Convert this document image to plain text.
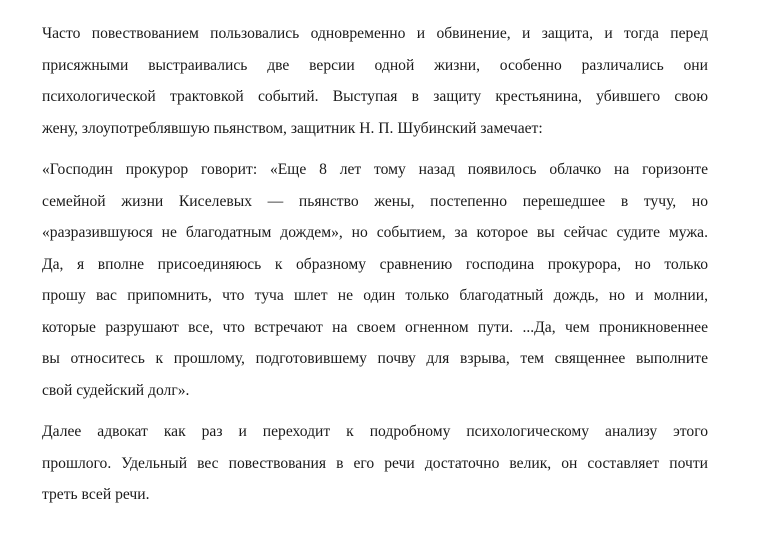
Часто повествованием пользовались одновременно и обвинение, и защита, и тогда перед
присяжными выстраивались две версии одной жизни, особенно различались они
психологической трактовкой событий. Выступая в защиту крестьянина, убившего свою
жену, злоупотреблявшую пьянством, защитник Н. П. Шубинский замечает:

«Господин прокурор говорит: «Еще 8 лет тому назад появилось облачко на горизонте
семейной жизни Киселевых — пьянство жены, постепенно перешедшее в тучу, но
«разразившуюся не благодатным дождем», но событием, за которое вы сейчас судите мужа.
Да, я вполне присоединяюсь к образному сравнению господина прокурора, но только
прошу вас припомнить, что туча шлет не один только благодатный дождь, но и молнии,
которые разрушают все, что встречают на своем огненном пути. ...Да, чем проникновеннее
вы относитесь к прошлому, подготовившему почву для взрыва, тем священнее выполните
свой судейский долг».

Далее адвокат как раз и переходит к подробному психологическому анализу этого
прошлого. Удельный вес повествования в его речи достаточно велик, он составляет почти
треть всей речи.
